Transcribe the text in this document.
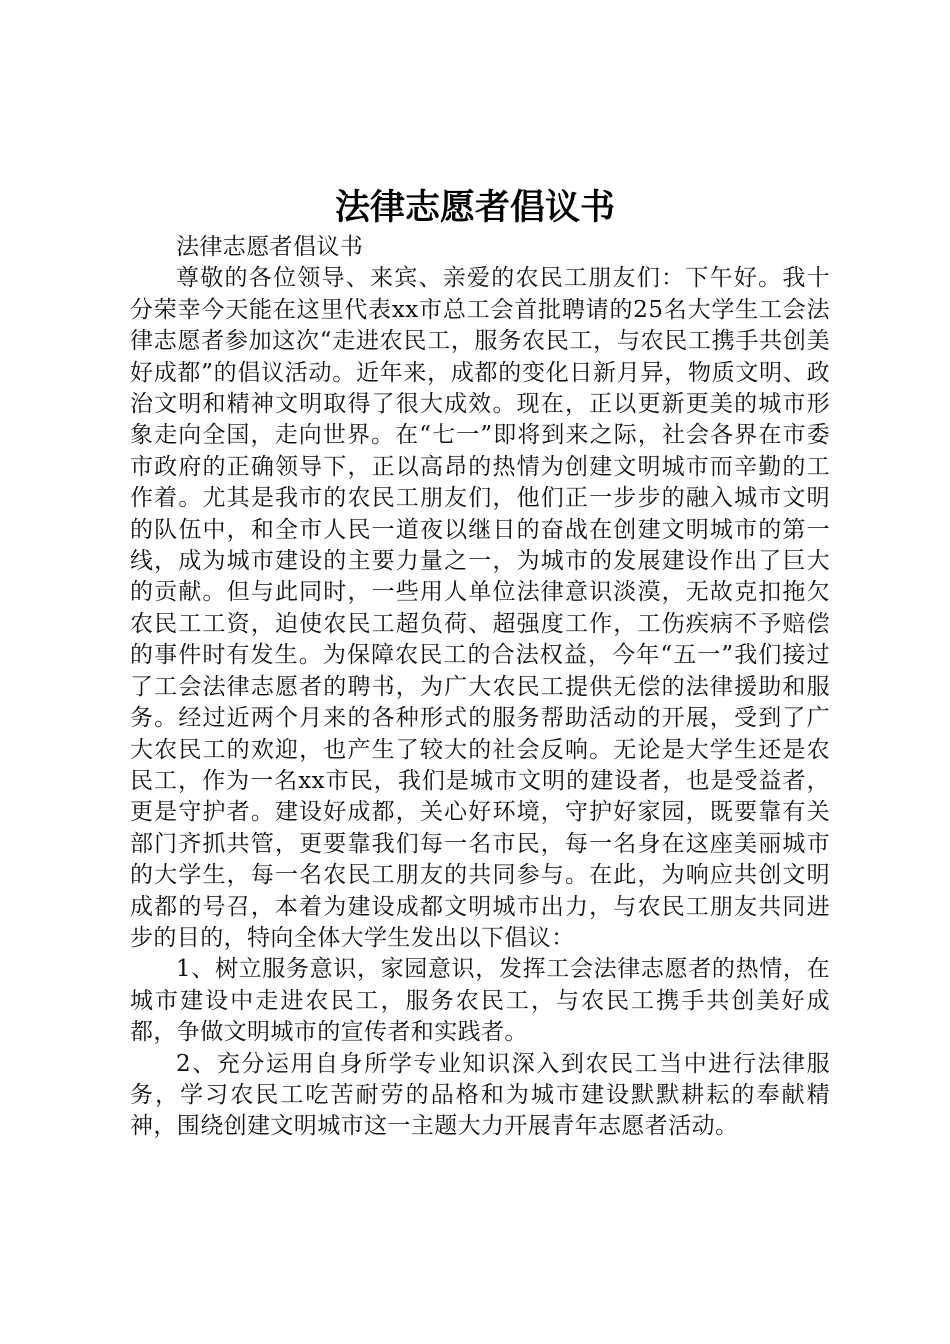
法律志愿者倡议书

法律志愿者倡议书

尊敬的各位领导、来宾、亲爱的农民工朋友们：下午好。我十分荣幸今天能在这里代表xx市总工会首批聘请的25名大学生工会法律志愿者参加这次“走进农民工，服务农民工，与农民工携手共创美好成都”的倡议活动。近年来，成都的变化日新月异，物质文明、政治文明和精神文明取得了很大成效。现在，正以更新更美的城市形象走向全国，走向世界。在“七一”即将到来之际，社会各界在市委市政府的正确领导下，正以高昂的热情为创建文明城市而辛勤的工作着。尤其是我市的农民工朋友们，他们正一步步的融入城市文明的队伍中，和全市人民一道夜以继日的奋战在创建文明城市的第一线，成为城市建设的主要力量之一，为城市的发展建设作出了巨大的贡献。但与此同时，一些用人单位法律意识淡漠，无故克扣拖欠农民工工资，迫使农民工超负荷、超强度工作，工伤疾病不予赔偿的事件时有发生。为保障农民工的合法权益，今年“五一”我们接过了工会法律志愿者的聘书，为广大农民工提供无偿的法律援助和服务。经过近两个月来的各种形式的服务帮助活动的开展，受到了广大农民工的欢迎，也产生了较大的社会反响。无论是大学生还是农民工，作为一名xx市民，我们是城市文明的建设者，也是受益者，更是守护者。建设好成都，关心好环境，守护好家园，既要靠有关部门齐抓共管，更要靠我们每一名市民，每一名身在这座美丽城市的大学生，每一名农民工朋友的共同参与。在此，为响应共创文明成都的号召，本着为建设成都文明城市出力，与农民工朋友共同进步的目的，特向全体大学生发出以下倡议：

1、树立服务意识，家园意识，发挥工会法律志愿者的热情，在城市建设中走进农民工，服务农民工，与农民工携手共创美好成都，争做文明城市的宣传者和实践者。

2、充分运用自身所学专业知识深入到农民工当中进行法律服务，学习农民工吃苦耐劳的品格和为城市建设默默耕耘的奉献精神，围绕创建文明城市这一主题大力开展青年志愿者活动。
